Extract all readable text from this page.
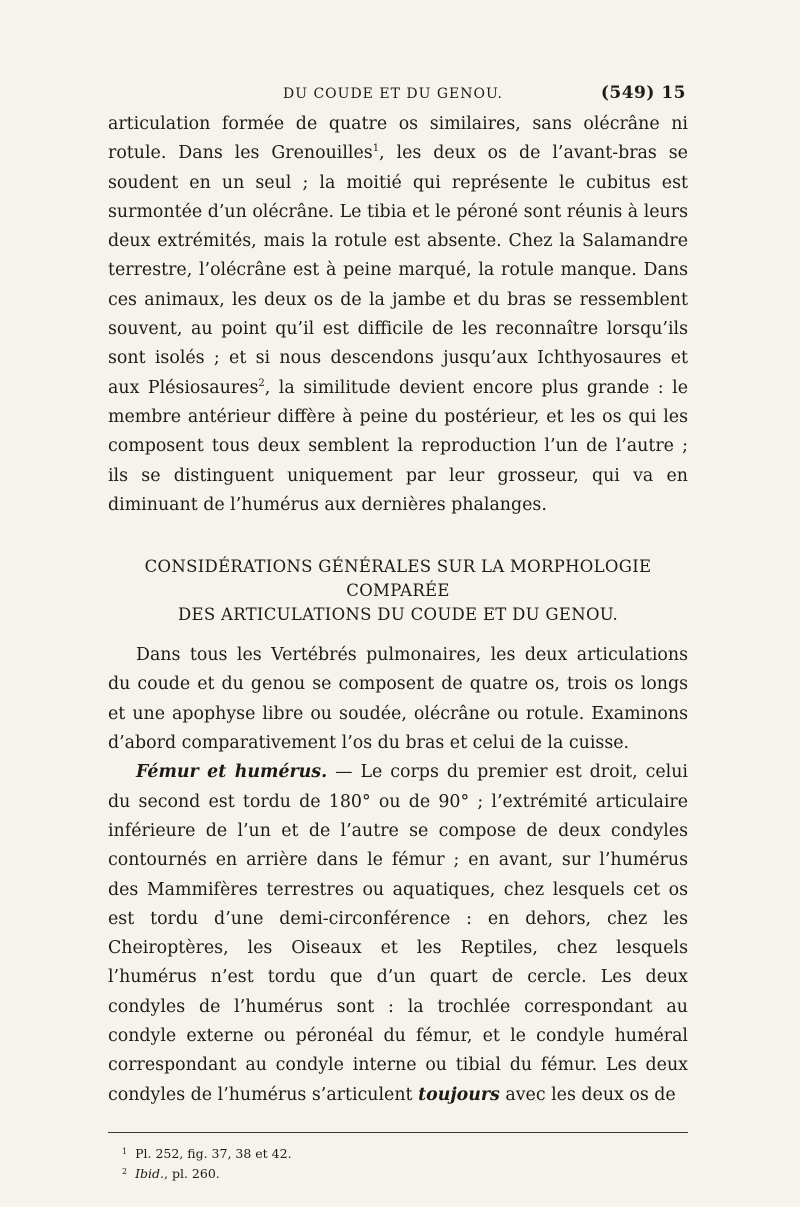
DU COUDE ET DU GENOU.	(549) 15

articulation formée de quatre os similaires, sans olécrâne ni rotule. Dans les Grenouilles$^1$, les deux os de l’avant-bras se soudent en un seul ; la moitié qui représente le cubitus est surmontée d’un olécrâne. Le tibia et le péroné sont réunis à leurs deux extrémités, mais la rotule est absente. Chez la Salamandre terrestre, l’olécrâne est à peine marqué, la rotule manque. Dans ces animaux, les deux os de la jambe et du bras se ressemblent souvent, au point qu’il est difficile de les reconnaître lorsqu’ils sont isolés ; et si nous descendons jusqu’aux Ichthyosaures et aux Plésiosaures$^2$, la similitude devient encore plus grande : le membre antérieur diffère à peine du postérieur, et les os qui les composent tous deux semblent la reproduction l’un de l’autre ; ils se distinguent uniquement par leur grosseur, qui va en diminuant de l’humérus aux dernières phalanges.

CONSIDÉRATIONS GÉNÉRALES SUR LA MORPHOLOGIE COMPARÉE
DES ARTICULATIONS DU COUDE ET DU GENOU.

Dans tous les Vertébrés pulmonaires, les deux articulations du coude et du genou se composent de quatre os, trois os longs et une apophyse libre ou soudée, olécrâne ou rotule. Examinons d’abord comparativement l’os du bras et celui de la cuisse.

Fémur et humérus. — Le corps du premier est droit, celui du second est tordu de 180° ou de 90° ; l’extrémité articulaire inférieure de l’un et de l’autre se compose de deux condyles contournés en arrière dans le fémur ; en avant, sur l’humérus des Mammifères terrestres ou aquatiques, chez lesquels cet os est tordu d’une demi-circonférence : en dehors, chez les Cheiroptères, les Oiseaux et les Reptiles, chez lesquels l’humérus n’est tordu que d’un quart de cercle. Les deux condyles de l’humérus sont : la trochlée correspondant au condyle externe ou péronéal du fémur, et le condyle huméral correspondant au condyle interne ou tibial du fémur. Les deux condyles de l’humérus s’articulent toujours avec les deux os de

$^1$ Pl. 252, fig. 37, 38 et 42.
$^2$ Ibid., pl. 260.
